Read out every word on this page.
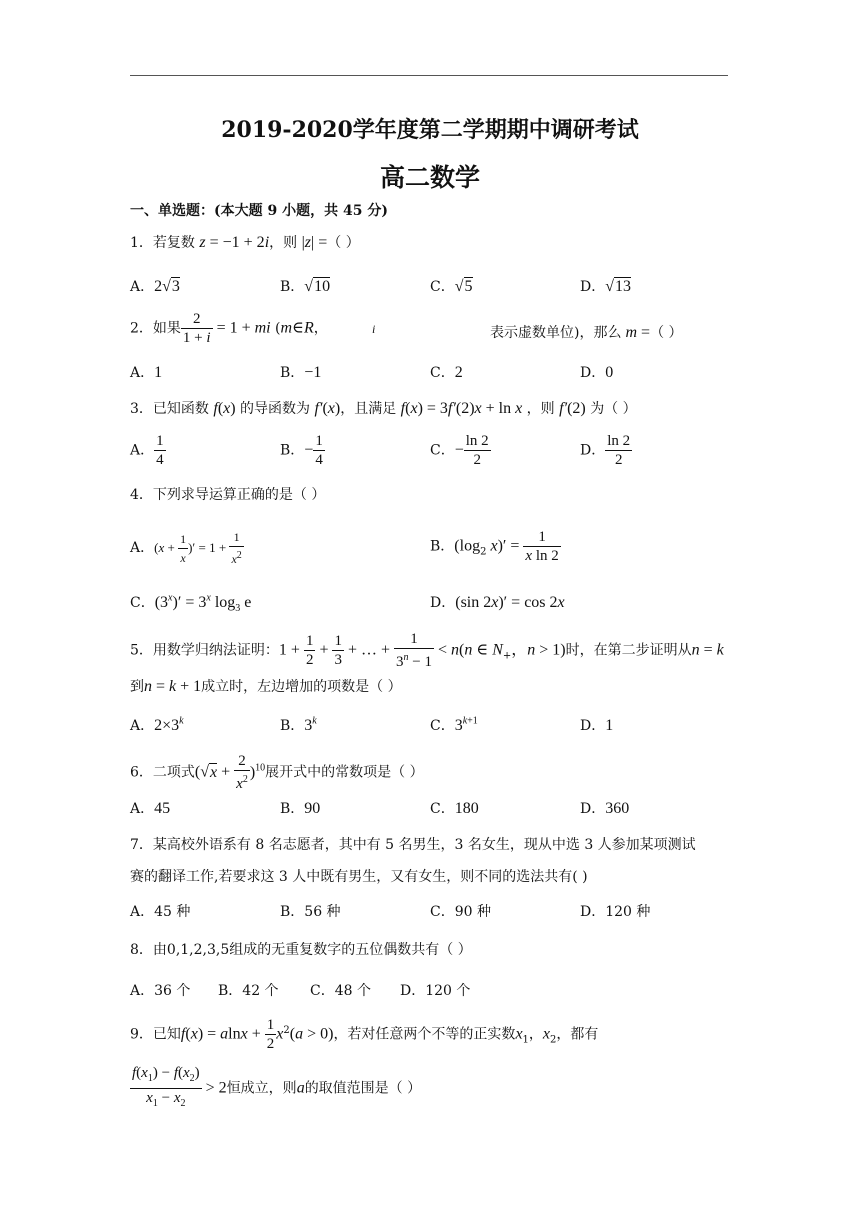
2019-2020学年度第二学期期中调研考试
高二数学
一、单选题：(本大题 9 小题，共 45 分)
1．若复数 z = −1 + 2i，则 |z| =（ ）
A．2√3	B．√10	C．√5	D．√13
2．如果 $\frac{2}{1 + i} = 1$ + mi (m∈R，	i	表示虚数单位)，那么 m =（ ）
A．1	B．−1	C．2	D．0
3．已知函数 f(x) 的导函数为 f′(x)，且满足 f(x) = 3f′(2)x + ln x ，则 f′(2) 为（ ）
A． $\frac{1}{4}$	B．− $\frac{1}{4}$	C．− $\frac{\ln 2}{2}$	D． $\frac{\ln 2}{2}$
4．下列求导运算正确的是（ ）
A．($x + \frac{1}{x}$ )′ = $1 + \frac{1}{x^2}$	B．($\log_2$ $x)' = \frac{1}{\text{x ln 2}}$
C．$(3^x)' = 3^x$ $\log_3 e$	D．(sin 2x)′ = cos 2x
5．用数学归纳法证明：$1 + \frac{1}{2} + \frac{1}{3}$ + … + $\frac{1}{3^n - 1} < n(n$ ∈ $N_+$，n > 1)时，在第二步证明从n = k
到n = k + 1成立时，左边增加的项数是（ ）
A．$2\times 3^k$	B．3$^k$	C．$3^{k+1}$	D．1
6．二项式$(√x + \frac{2}{x^2} )^{10}$展开式中的常数项是（ ）
A．45	B．90	C．180	D．360
7．某高校外语系有 8 名志愿者，其中有 5 名男生，3 名女生，现从中选 3 人参加某项测试
赛的翻译工作,若要求这 3 人中既有男生，又有女生，则不同的选法共有( )
A．45 种	B．56 种	C．90 种	D．120 种
8．由0,1,2,3,5组成的无重复数字的五位偶数共有（ ）
A．36 个 B．42 个 C．48 个 D．120 个
9．已知$f(x) = alnx + \frac{1}{2} x^2(a > 0)$，若对任意两个不等的正实数$x_1$，$x_2$，都有
$\frac{f(x_1) - f(x_2)}{x_1 - x_2} > 2$恒成立，则a的取值范围是（ ）
